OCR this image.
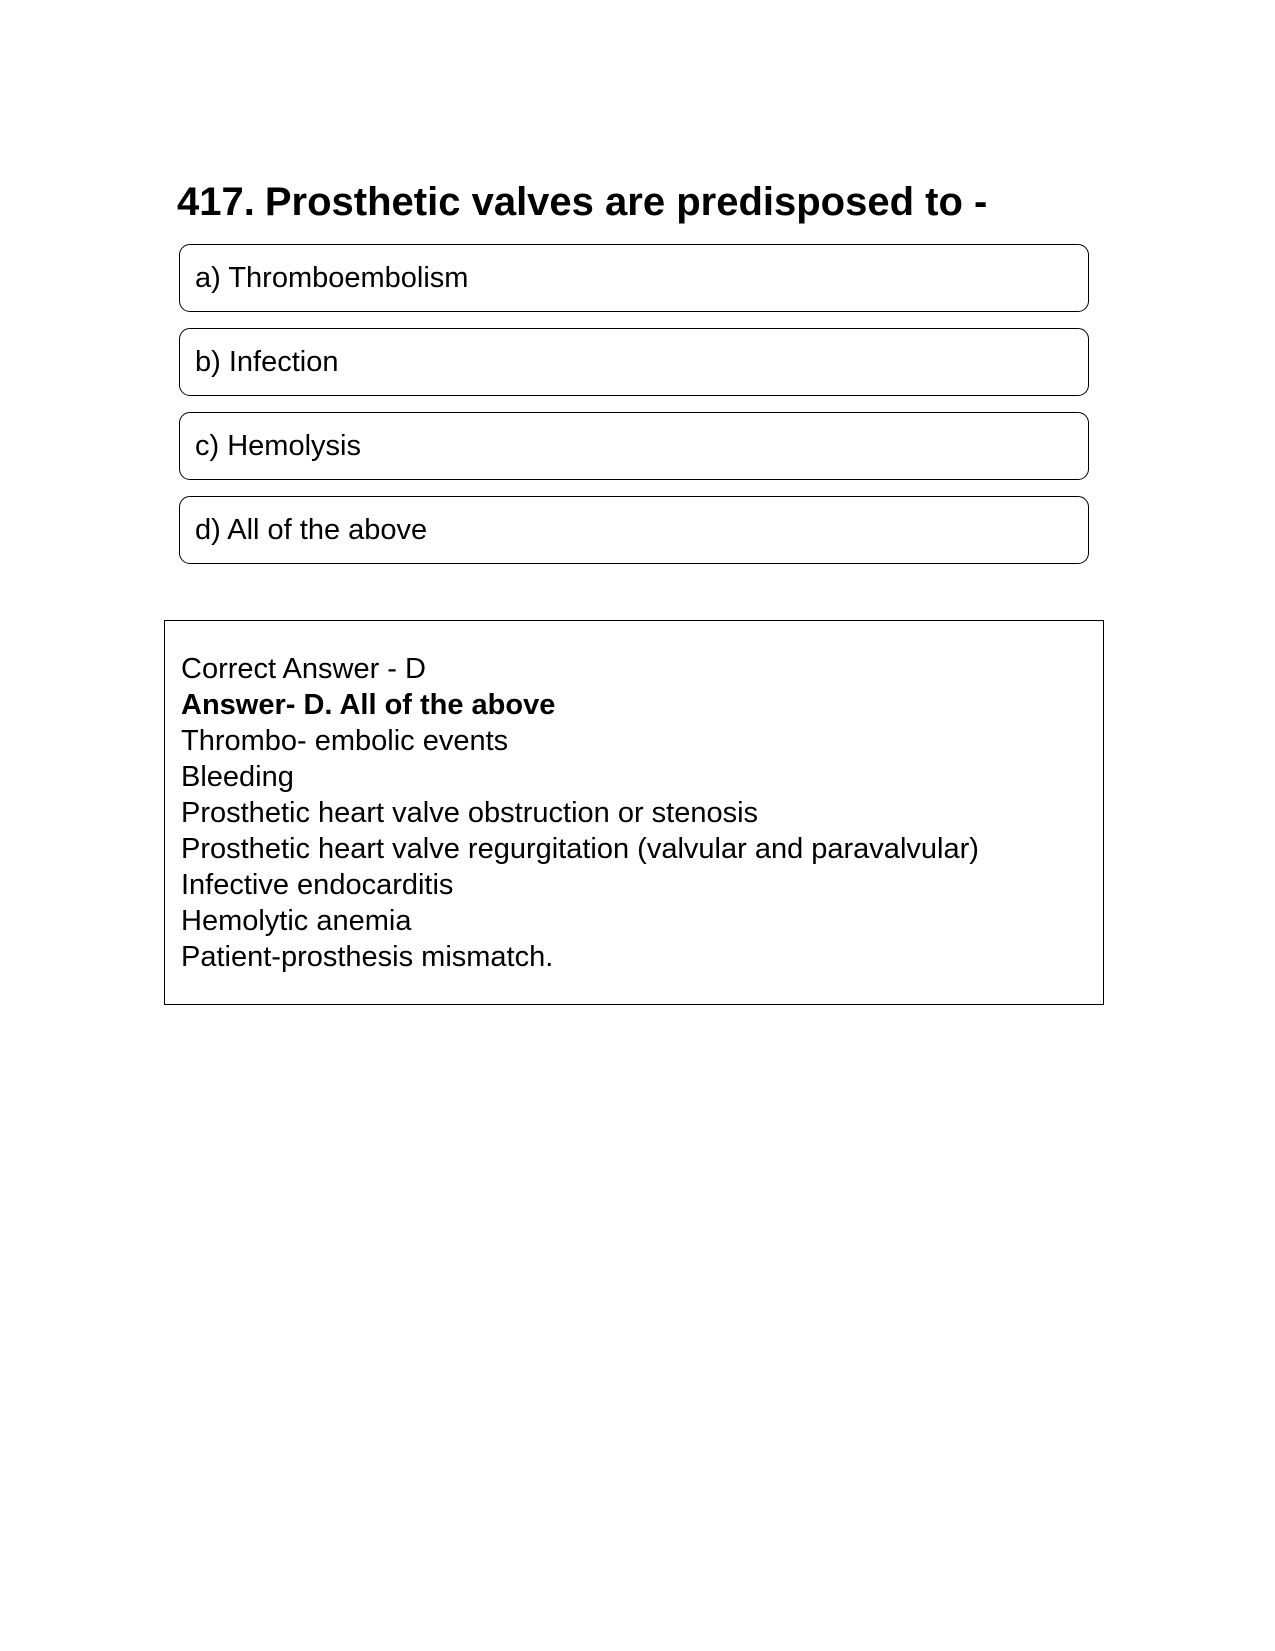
417. Prosthetic valves are predisposed to -
a) Thromboembolism
b) Infection
c) Hemolysis
d) All of the above
Correct Answer - D
Answer- D. All of the above
Thrombo- embolic events
Bleeding
Prosthetic heart valve obstruction or stenosis
Prosthetic heart valve regurgitation (valvular and paravalvular)
Infective endocarditis
Hemolytic anemia
Patient-prosthesis mismatch.
